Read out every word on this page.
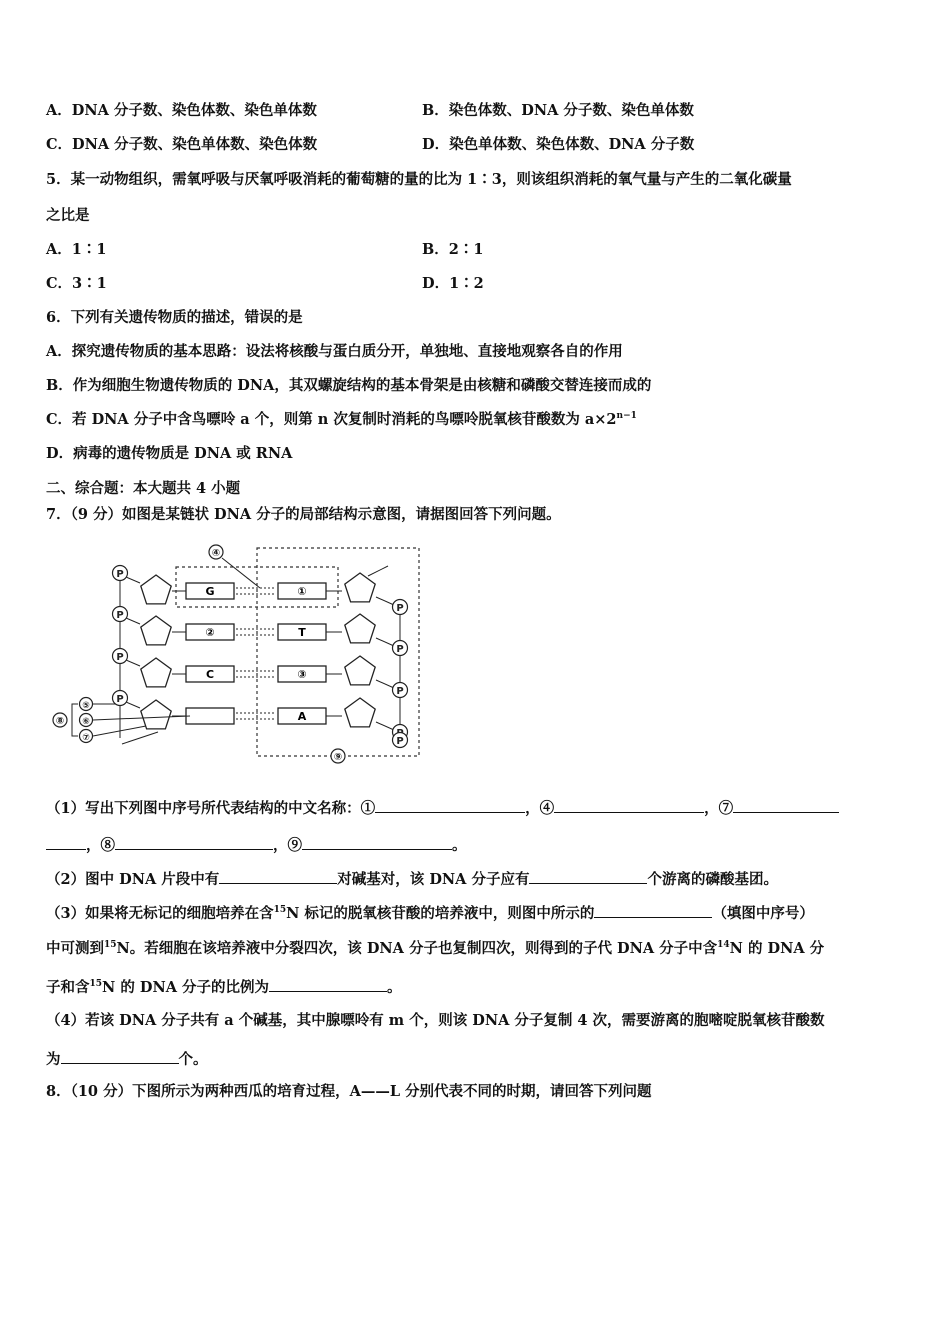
A．DNA 分子数、染色体数、染色单体数	B．染色体数、DNA 分子数、染色单体数
C．DNA 分子数、染色单体数、染色体数	D．染色单体数、染色体数、DNA 分子数
5．某一动物组织，需氧呼吸与厌氧呼吸消耗的葡萄糖的量的比为 1∶3，则该组织消耗的氧气量与产生的二氧化碳量
之比是
A．1∶1	B．2∶1
C．3∶1	D．1∶2
6．下列有关遗传物质的描述，错误的是
A．探究遗传物质的基本思路：设法将核酸与蛋白质分开，单独地、直接地观察各自的作用
B．作为细胞生物遗传物质的 DNA，其双螺旋结构的基本骨架是由核糖和磷酸交替连接而成的
C．若 DNA 分子中含鸟嘌呤 a 个，则第 n 次复制时消耗的鸟嘌呤脱氧核苷酸数为 $a\times 2^{n-1}$
D．病毒的遗传物质是 DNA 或 RNA
二、综合题：本大题共 4 小题
7．（9 分）如图是某链状 DNA 分子的局部结构示意图，请据图回答下列问题。
P
G	①
P
P
②	T
P
P
C	③
P
P
A
P
④
⑤
⑥
⑦
⑧
⑨
（1）写出下列图中序号所代表结构的中文名称：①	，④	，⑦
，⑧	，⑨	。
（2）图中 DNA 片段中有	对碱基对，该 DNA 分子应有	个游离的磷酸基团。
（3）如果将无标记的细胞培养在含$^{15}$N 标记的脱氧核苷酸的培养液中，则图中所示的	（填图中序号）
中可测到$^{15}$N。若细胞在该培养液中分裂四次，该 DNA 分子也复制四次，则得到的子代 DNA 分子中含$^{14}$N 的 DNA 分
子和含$^{15}$N 的 DNA 分子的比例为	。
（4）若该 DNA 分子共有 a 个碱基，其中腺嘌呤有 m 个，则该 DNA 分子复制 4 次，需要游离的胞嘧啶脱氧核苷酸数
为	个。
8．（10 分）下图所示为两种西瓜的培育过程，A——L 分别代表不同的时期，请回答下列问题
